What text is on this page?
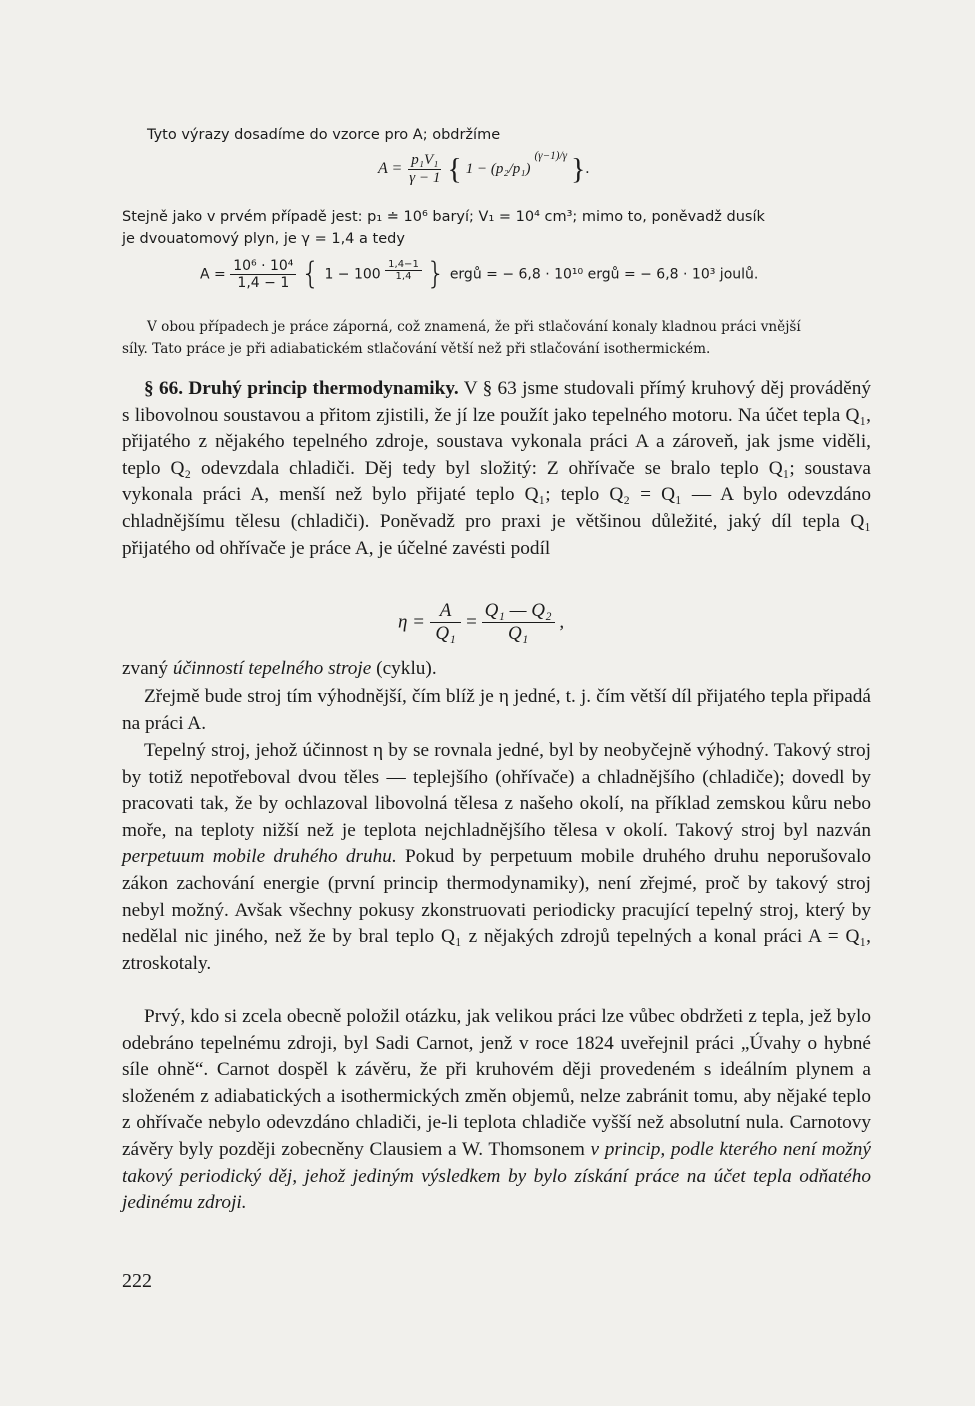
Tyto výrazy dosadíme do vzorce pro A; obdržíme
$A = \frac{\text{p₁V₁}}{\gamma - 1}$ { 1 − (p₂/p₁) $^{(\gamma-1)/\gamma}$ }.
Stejně jako v prvém případě jest: p₁ ≐ 10⁶ baryí; V₁ = 10⁴ cm³; mimo to, poněvadž dusík
je dvouatomový plyn, je γ = 1,4 a tedy
$A = \frac{\text{10⁶ · 10⁴}}{1,4 - 1}$ { $1 - 100 \frac{1,4-1}{1,4}$ } ergů = − 6,8 · 10¹⁰ ergů = − 6,8 · 10³ joulů.
V obou případech je práce záporná, což znamená, že při stlačování konaly kladnou práci vnější
síly. Tato práce je při adiabatickém stlačování větší než při stlačování isothermickém.

§ 66. Druhý princip thermodynamiky. V § 63 jsme studovali přímý kruhový děj prováděný s libovolnou soustavou a přitom zjistili, že jí lze použít jako tepelného motoru. Na účet tepla Q₁, přijatého z nějakého tepelného zdroje, soustava vykonala práci A a zároveň, jak jsme viděli, teplo Q₂ odevzdala chladiči. Děj tedy byl složitý: Z ohřívače se bralo teplo Q₁; soustava vykonala práci A, menší než bylo přijaté teplo Q₁; teplo Q₂ = Q₁ — A bylo odevzdáno chladnějšímu tělesu (chladiči). Poněvadž pro praxi je většinou důležité, jaký díl tepla Q₁ přijatého od ohřívače je práce A, je účelné zavésti podíl

$\eta = \frac{A}{\text{Q₁}} = \frac{\text{Q₁ — Q₂}}{\text{Q₁}}$ ,

zvaný účinností tepelného stroje (cyklu).

Zřejmě bude stroj tím výhodnější, čím blíž je η jedné, t. j. čím větší díl přijatého tepla připadá na práci A.

Tepelný stroj, jehož účinnost η by se rovnala jedné, byl by neobyčejně výhodný. Takový stroj by totiž nepotřeboval dvou těles — teplejšího (ohřívače) a chladnějšího (chladiče); dovedl by pracovati tak, že by ochlazoval libovolná tělesa z našeho okolí, na příklad zemskou kůru nebo moře, na teploty nižší než je teplota nejchladnějšího tělesa v okolí. Takový stroj byl nazván perpetuum mobile druhého druhu. Pokud by perpetuum mobile druhého druhu neporušovalo zákon zachování energie (první princip thermodynamiky), není zřejmé, proč by takový stroj nebyl možný. Avšak všechny pokusy zkonstruovati periodicky pracující tepelný stroj, který by nedělal nic jiného, než že by bral teplo Q₁ z nějakých zdrojů tepelných a konal práci A = Q₁, ztroskotaly.

Prvý, kdo si zcela obecně položil otázku, jak velikou práci lze vůbec obdržeti z tepla, jež bylo odebráno tepelnému zdroji, byl Sadi Carnot, jenž v roce 1824 uveřejnil práci „Úvahy o hybné síle ohně“. Carnot dospěl k závěru, že při kruhovém ději provedeném s ideálním plynem a složeném z adiabatických a isothermických změn objemů, nelze zabránit tomu, aby nějaké teplo z ohřívače nebylo odevzdáno chladiči, je-li teplota chladiče vyšší než absolutní nula. Carnotovy závěry byly později zobecněny Clausiem a W. Thomsonem v princip, podle kterého není možný takový periodický děj, jehož jediným výsledkem by bylo získání práce na účet tepla odňatého jedinému zdroji.

222
